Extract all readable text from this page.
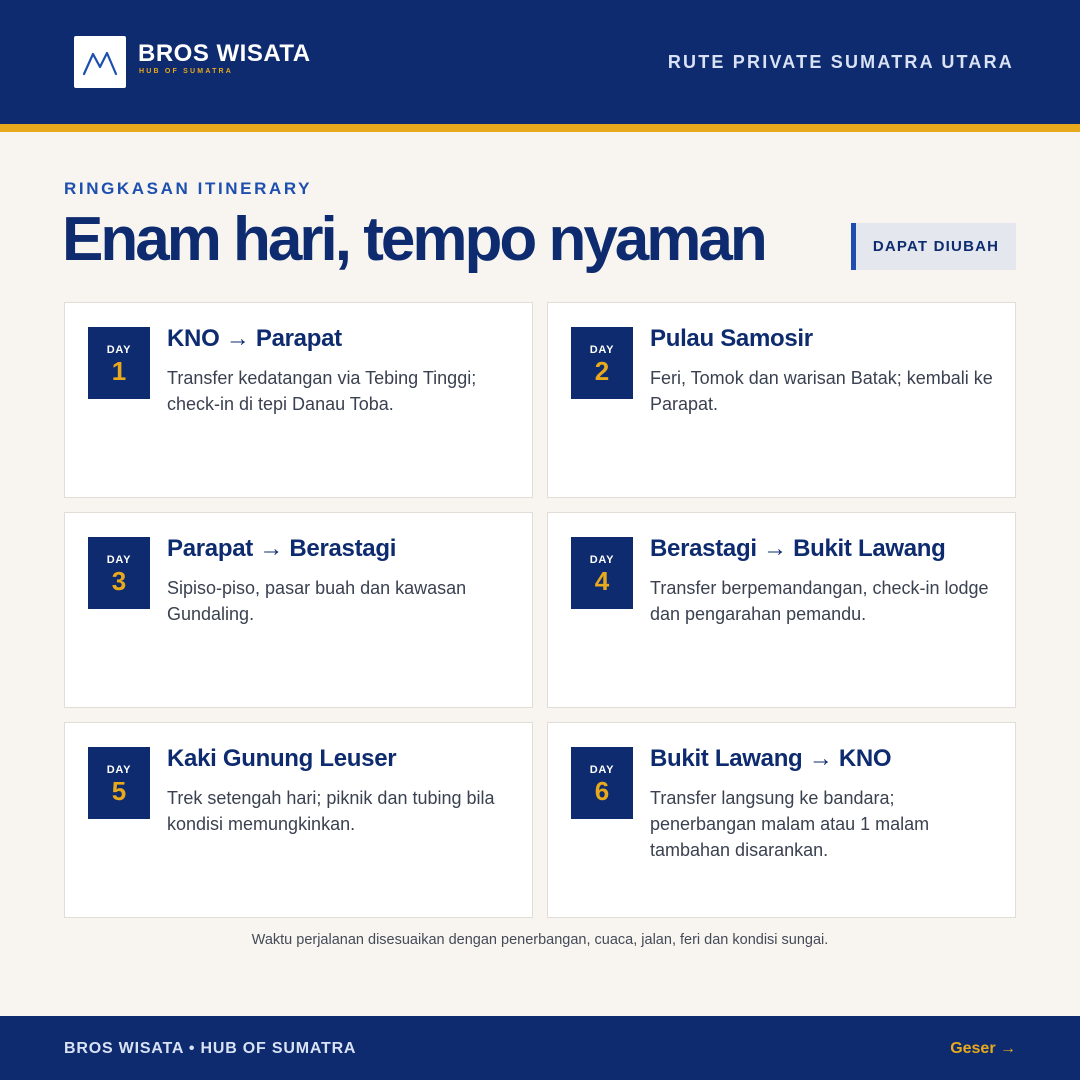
BROS WISATA
HUB OF SUMATRA	RUTE PRIVATE SUMATRA UTARA
RINGKASAN ITINERARY
Enam hari, tempo nyaman	DAPAT DIUBAH
DAY
1
KNO → Parapat
Transfer kedatangan via Tebing Tinggi; check-in di tepi Danau Toba.
DAY
2
Pulau Samosir
Feri, Tomok dan warisan Batak; kembali ke Parapat.
DAY
3
Parapat → Berastagi
Sipiso-piso, pasar buah dan kawasan Gundaling.
DAY
4
Berastagi → Bukit Lawang
Transfer berpemandangan, check-in lodge dan pengarahan pemandu.
DAY
5
Kaki Gunung Leuser
Trek setengah hari; piknik dan tubing bila kondisi memungkinkan.
DAY
6
Bukit Lawang → KNO
Transfer langsung ke bandara; penerbangan malam atau 1 malam tambahan disarankan.
Waktu perjalanan disesuaikan dengan penerbangan, cuaca, jalan, feri dan kondisi sungai.
BROS WISATA • HUB OF SUMATRA	Geser →
